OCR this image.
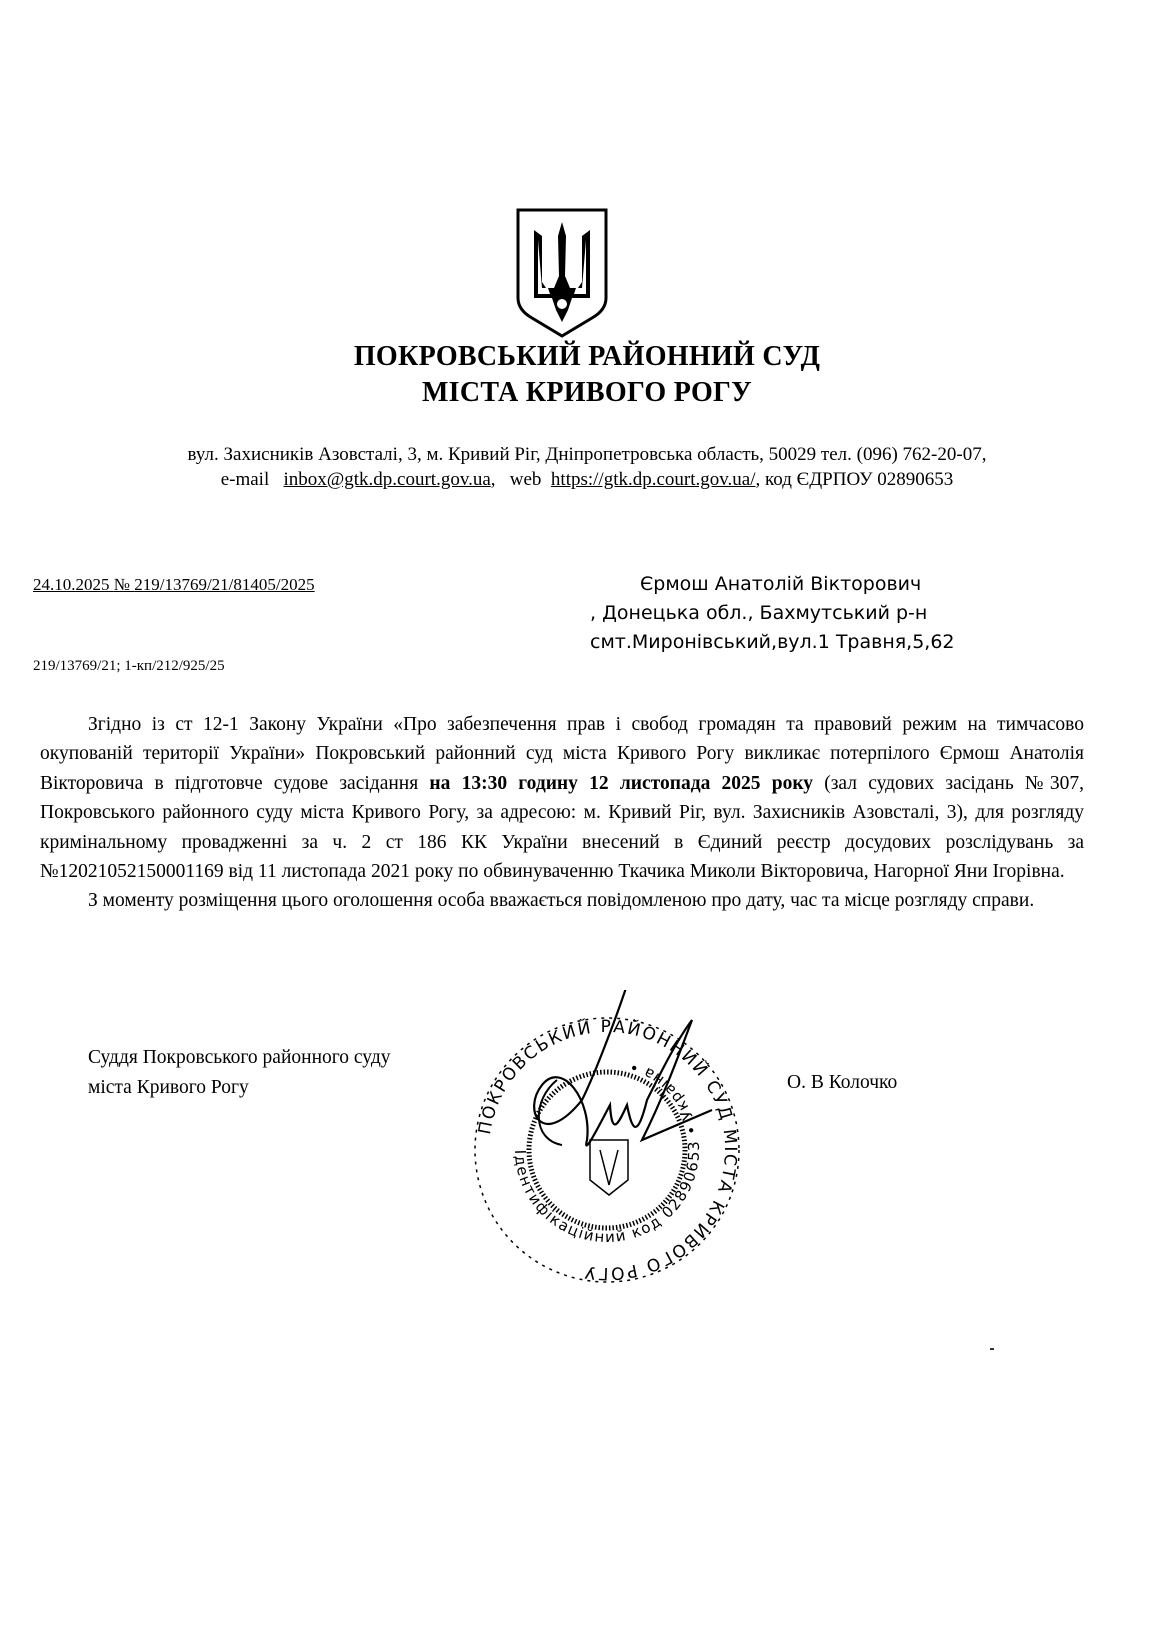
ПОКРОВСЬКИЙ РАЙОННИЙ СУД
МІСТА КРИВОГО РОГУ
вул. Захисників Азовсталі, 3, м. Кривий Ріг, Дніпропетровська область, 50029 тел. (096) 762-20-07,
e-mail inbox@gtk.dp.court.gov.ua,   web https://gtk.dp.court.gov.ua/, код ЄДРПОУ 02890653
24.10.2025 № 219/13769/21/81405/2025	Єрмош Анатолій Вікторович
, Донецька обл., Бахмутський р-н
смт.Миронівський,вул.1 Травня,5,62
219/13769/21; 1-кп/212/925/25

Згідно із ст 12-1 Закону України «Про забезпечення прав і свобод громадян та правовий режим на тимчасово окупованій території України» Покровський районний суд міста Кривого Рогу викликає потерпілого Єрмош Анатолія Вікторовича в підготовче судове засідання на 13:30 годину 12 листопада 2025 року (зал судових засідань №307, Покровського районного суду міста Кривого Рогу, за адресою: м. Кривий Ріг, вул. Захисників Азовсталі, 3), для розгляду кримінальному провадженні за ч. 2 ст 186 КК України внесений в Єдиний реєстр досудових розслідувань за №12021052150001169 від 11 листопада 2021 року по обвинуваченню Ткачика Миколи Вікторовича, Нагорної Яни Ігорівна.

З моменту розміщення цього оголошення особа вважається повідомленою про дату, час та місце розгляду справи.

Суддя Покровського районного суду
міста Кривого Рогу	О. В Колочко
ПОКРОВСЬКИЙ РАЙОННИЙ СУД МІСТА КРИВОГО РОГУ
Ідентифікаційний код 02890653 • Україна •
